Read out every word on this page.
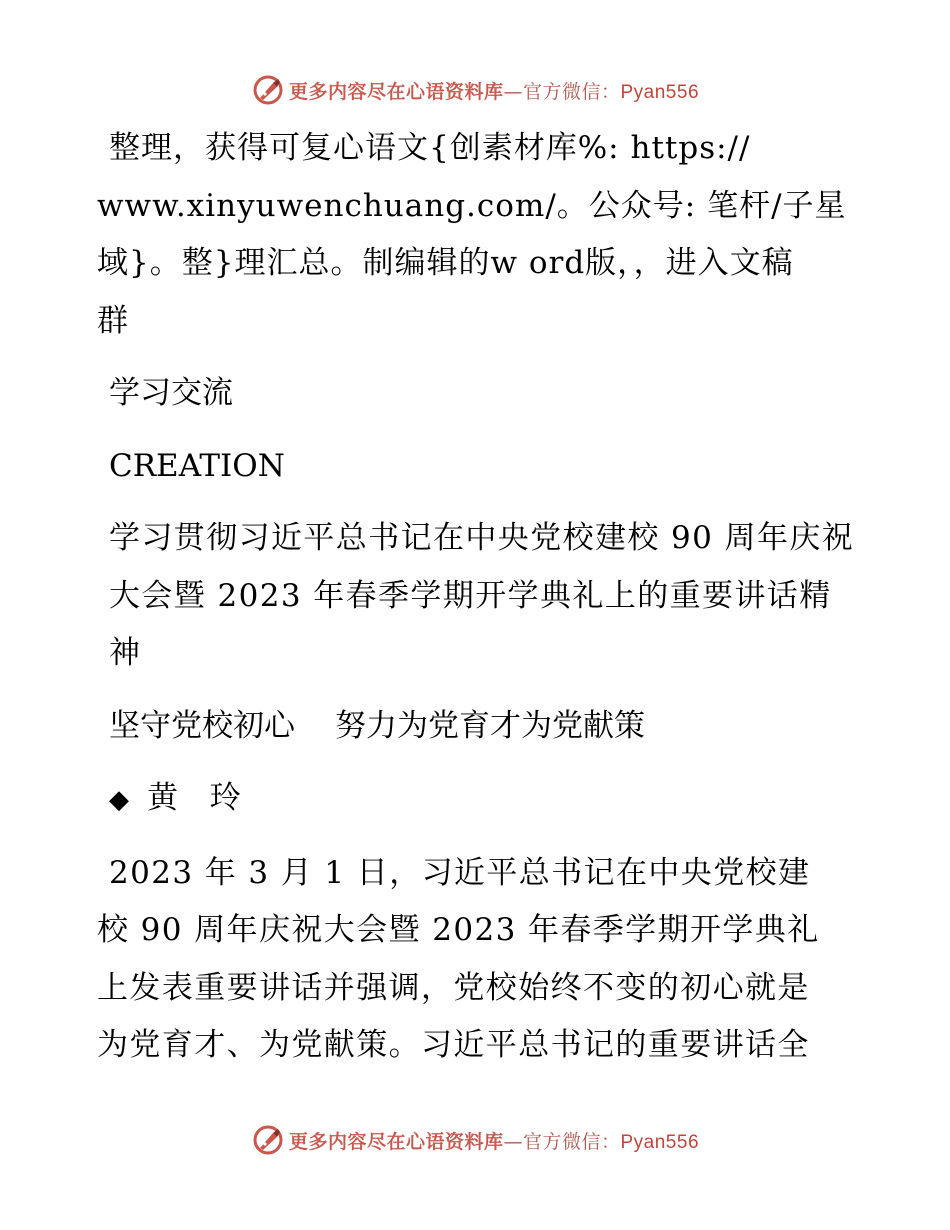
更多内容尽在心语资料库—官方微信：Pyan556
整理，获得可复心语文{创素材库%: https://
www.xinyuwenchuang.com/。公众号: 笔杆/子星
域}。整}理汇总。制编辑的w ord版，，进入文稿
群
学习交流
CREATION
学习贯彻习近平总书记在中央党校建校 90 周年庆祝大会暨 2023 年春季学期开学典礼上的重要讲话精神
坚守党校初心 努力为党育才为党献策
◆ 黄  玲
2023 年 3 月 1 日，习近平总书记在中央党校建
校 90 周年庆祝大会暨 2023 年春季学期开学典礼
上发表重要讲话并强调，党校始终不变的初心就是
为党育才、为党献策。习近平总书记的重要讲话全
更多内容尽在心语资料库—官方微信：Pyan556
